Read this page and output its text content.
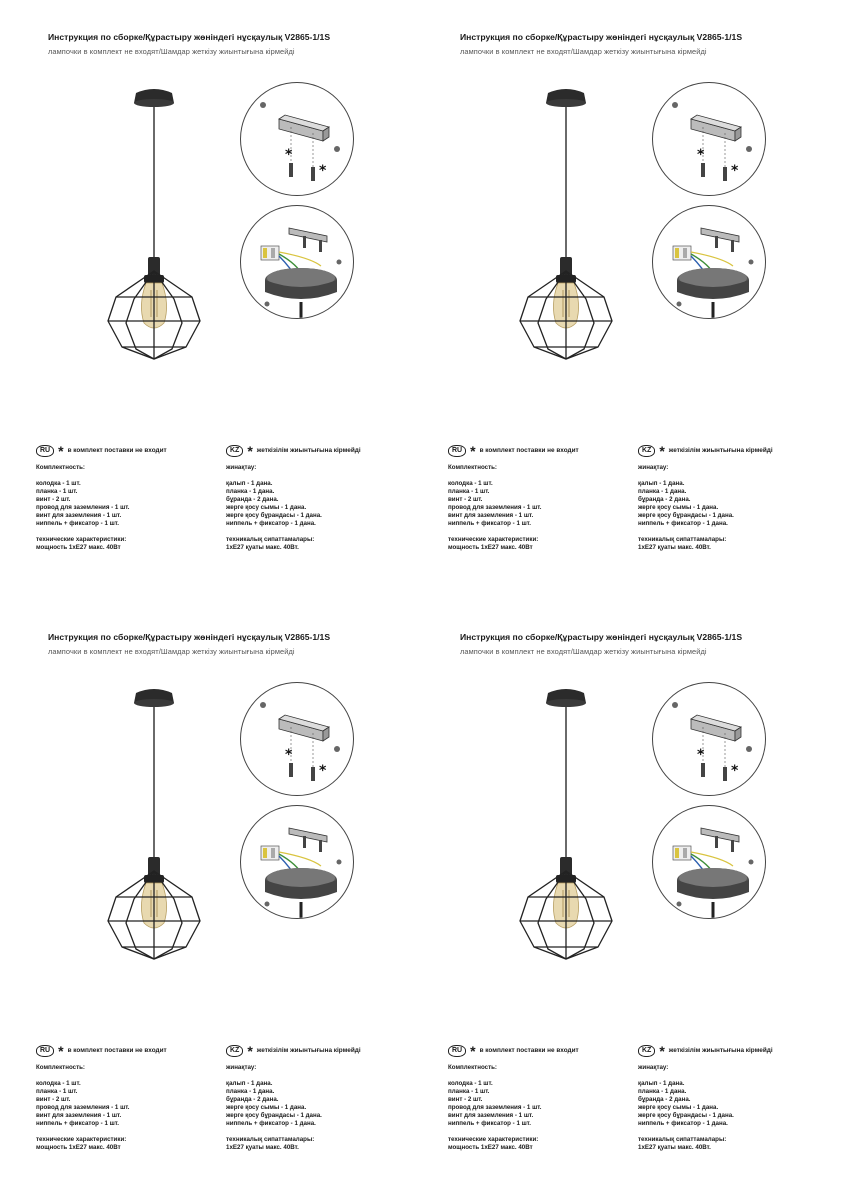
Инструкция по сборке/Құрастыру жөніндегі нұсқаулық V2865-1/1S
лампочки в комплект не входят/Шамдар жеткізу жиынтығына кірмейді
*
*
RU * в комплект поставки не входит
Комплектность:
колодка - 1 шт.
планка - 1 шт.
винт - 2 шт.
провод для заземления - 1 шт.
винт для заземления - 1 шт.
ниппель + фиксатор - 1 шт.
технические характеристики:
мощность 1хЕ27 макс. 40Вт
KZ * жеткізілім жиынтығына кірмейді
жинақтау:
қалып - 1 дана.
планка - 1 дана.
бұранда - 2 дана.
жерге қосу сымы - 1 дана.
жерге қосу бұрандасы - 1 дана.
ниппель + фиксатор - 1 дана.
техникалық сипаттамалары:
1хЕ27 қуаты макс. 40Вт.
Инструкция по сборке/Құрастыру жөніндегі нұсқаулық V2865-1/1S
лампочки в комплект не входят/Шамдар жеткізу жиынтығына кірмейді
*
*
RU * в комплект поставки не входит
Комплектность:
колодка - 1 шт.
планка - 1 шт.
винт - 2 шт.
провод для заземления - 1 шт.
винт для заземления - 1 шт.
ниппель + фиксатор - 1 шт.
технические характеристики:
мощность 1хЕ27 макс. 40Вт
KZ * жеткізілім жиынтығына кірмейді
жинақтау:
қалып - 1 дана.
планка - 1 дана.
бұранда - 2 дана.
жерге қосу сымы - 1 дана.
жерге қосу бұрандасы - 1 дана.
ниппель + фиксатор - 1 дана.
техникалық сипаттамалары:
1хЕ27 қуаты макс. 40Вт.
Инструкция по сборке/Құрастыру жөніндегі нұсқаулық V2865-1/1S
лампочки в комплект не входят/Шамдар жеткізу жиынтығына кірмейді
*
*
RU * в комплект поставки не входит
Комплектность:
колодка - 1 шт.
планка - 1 шт.
винт - 2 шт.
провод для заземления - 1 шт.
винт для заземления - 1 шт.
ниппель + фиксатор - 1 шт.
технические характеристики:
мощность 1хЕ27 макс. 40Вт
KZ * жеткізілім жиынтығына кірмейді
жинақтау:
қалып - 1 дана.
планка - 1 дана.
бұранда - 2 дана.
жерге қосу сымы - 1 дана.
жерге қосу бұрандасы - 1 дана.
ниппель + фиксатор - 1 дана.
техникалық сипаттамалары:
1хЕ27 қуаты макс. 40Вт.
Инструкция по сборке/Құрастыру жөніндегі нұсқаулық V2865-1/1S
лампочки в комплект не входят/Шамдар жеткізу жиынтығына кірмейді
*
*
RU * в комплект поставки не входит
Комплектность:
колодка - 1 шт.
планка - 1 шт.
винт - 2 шт.
провод для заземления - 1 шт.
винт для заземления - 1 шт.
ниппель + фиксатор - 1 шт.
технические характеристики:
мощность 1хЕ27 макс. 40Вт
KZ * жеткізілім жиынтығына кірмейді
жинақтау:
қалып - 1 дана.
планка - 1 дана.
бұранда - 2 дана.
жерге қосу сымы - 1 дана.
жерге қосу бұрандасы - 1 дана.
ниппель + фиксатор - 1 дана.
техникалық сипаттамалары:
1хЕ27 қуаты макс. 40Вт.
